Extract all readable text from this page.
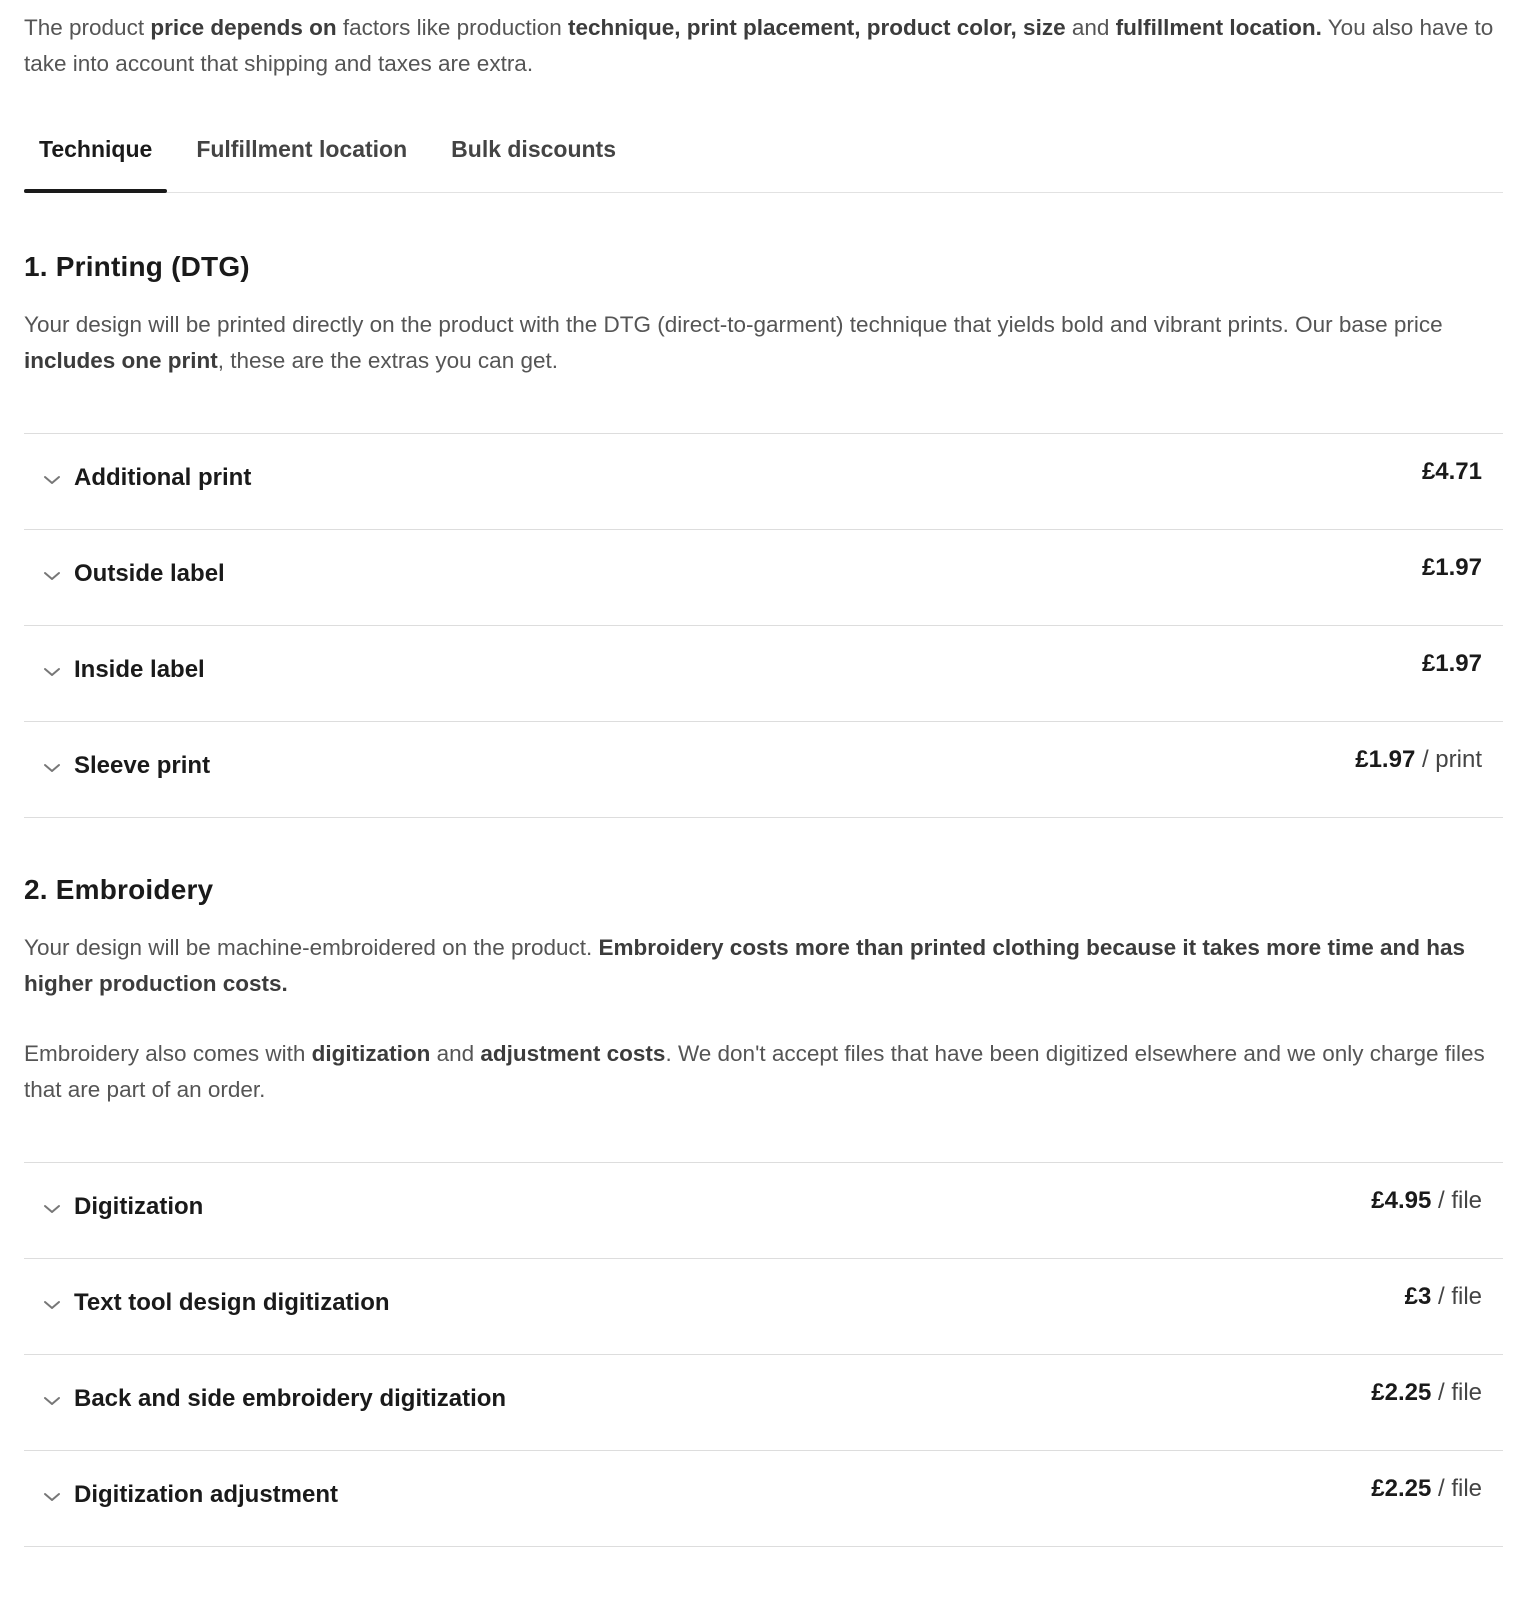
The product price depends on factors like production technique, print placement, product color, size and fulfillment location. You also have to take into account that shipping and taxes are extra.

Technique	Fulfillment location	Bulk discounts
1. Printing (DTG)

Your design will be printed directly on the product with the DTG (direct-to-garment) technique that yields bold and vibrant prints. Our base price includes one print, these are the extras you can get.

Additional print	£4.71
Outside label	£1.97
Inside label	£1.97
Sleeve print	£1.97 / print
2. Embroidery

Your design will be machine-embroidered on the product. Embroidery costs more than printed clothing because it takes more time and has higher production costs.

Embroidery also comes with digitization and adjustment costs. We don't accept files that have been digitized elsewhere and we only charge files that are part of an order.

Digitization	£4.95 / file
Text tool design digitization	£3 / file
Back and side embroidery digitization	£2.25 / file
Digitization adjustment	£2.25 / file
